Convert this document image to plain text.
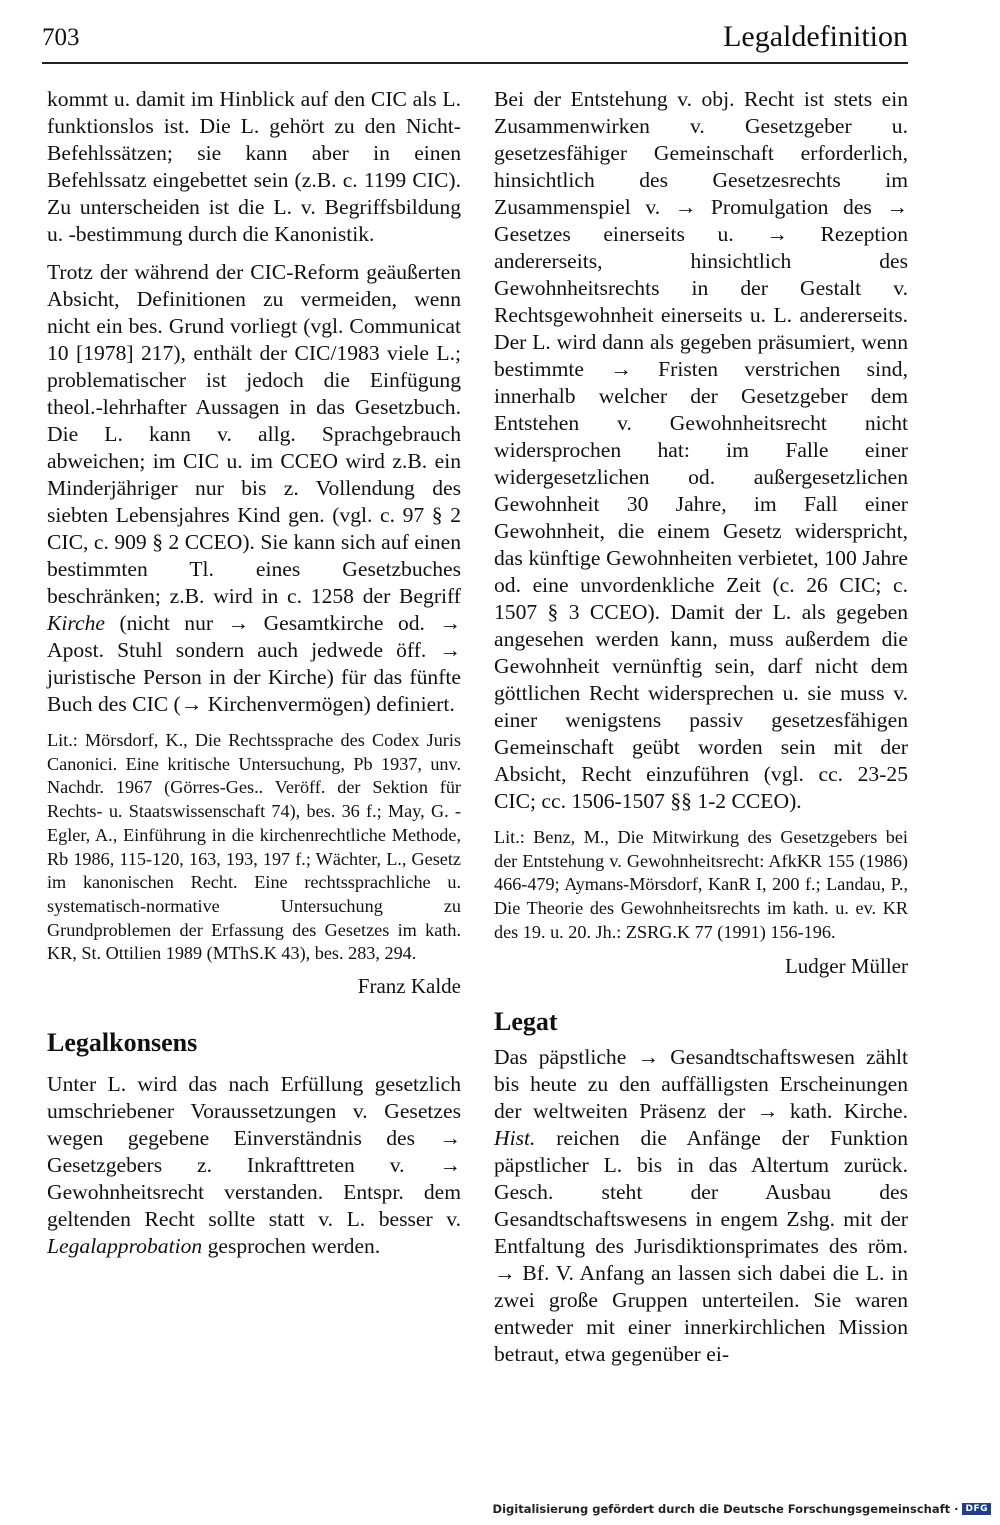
703	Legaldefinition

kommt u. damit im Hinblick auf den CIC als L. funktionslos ist. Die L. gehört zu den Nicht-Befehlssätzen; sie kann aber in einen Befehlssatz eingebettet sein (z.B. c. 1199 CIC). Zu unterscheiden ist die L. v. Begriffsbildung u. -bestimmung durch die Kanonistik.

Trotz der während der CIC-Reform geäußerten Absicht, Definitionen zu vermeiden, wenn nicht ein bes. Grund vorliegt (vgl. Communicat 10 [1978] 217), enthält der CIC/1983 viele L.; problematischer ist jedoch die Einfügung theol.-lehrhafter Aussagen in das Gesetzbuch. Die L. kann v. allg. Sprachgebrauch abweichen; im CIC u. im CCEO wird z.B. ein Minderjähriger nur bis z. Vollendung des siebten Lebensjahres Kind gen. (vgl. c. 97 § 2 CIC, c. 909 § 2 CCEO). Sie kann sich auf einen bestimmten Tl. eines Gesetzbuches beschränken; z.B. wird in c. 1258 der Begriff Kirche (nicht nur → Gesamtkirche od. → Apost. Stuhl sondern auch jedwede öff. → juristische Person in der Kirche) für das fünfte Buch des CIC (→ Kirchenvermögen) definiert.

Lit.: Mörsdorf, K., Die Rechtssprache des Codex Juris Canonici. Eine kritische Untersuchung, Pb 1937, unv. Nachdr. 1967 (Görres-Ges.. Veröff. der Sektion für Rechts- u. Staatswissenschaft 74), bes. 36 f.; May, G. - Egler, A., Einführung in die kirchenrechtliche Methode, Rb 1986, 115-120, 163, 193, 197 f.; Wächter, L., Gesetz im kanonischen Recht. Eine rechtssprachliche u. systematisch-normative Untersuchung zu Grundproblemen der Erfassung des Gesetzes im kath. KR, St. Ottilien 1989 (MThS.K 43), bes. 283, 294.

Franz Kalde

Legalkonsens

Unter L. wird das nach Erfüllung gesetzlich umschriebener Voraussetzungen v. Gesetzes wegen gegebene Einverständnis des → Gesetzgebers z. Inkrafttreten v. → Gewohnheitsrecht verstanden. Entspr. dem geltenden Recht sollte statt v. L. besser v. Legalapprobation gesprochen werden.

Bei der Entstehung v. obj. Recht ist stets ein Zusammenwirken v. Gesetzgeber u. gesetzesfähiger Gemeinschaft erforderlich, hinsichtlich des Gesetzesrechts im Zusammenspiel v. → Promulgation des → Gesetzes einerseits u. → Rezeption andererseits, hinsichtlich des Gewohnheitsrechts in der Gestalt v. Rechtsgewohnheit einerseits u. L. andererseits. Der L. wird dann als gegeben präsumiert, wenn bestimmte → Fristen verstrichen sind, innerhalb welcher der Gesetzgeber dem Entstehen v. Gewohnheitsrecht nicht widersprochen hat: im Falle einer widergesetzlichen od. außergesetzlichen Gewohnheit 30 Jahre, im Fall einer Gewohnheit, die einem Gesetz widerspricht, das künftige Gewohnheiten verbietet, 100 Jahre od. eine unvordenkliche Zeit (c. 26 CIC; c. 1507 § 3 CCEO). Damit der L. als gegeben angesehen werden kann, muss außerdem die Gewohnheit vernünftig sein, darf nicht dem göttlichen Recht widersprechen u. sie muss v. einer wenigstens passiv gesetzesfähigen Gemeinschaft geübt worden sein mit der Absicht, Recht einzuführen (vgl. cc. 23-25 CIC; cc. 1506-1507 §§ 1-2 CCEO).

Lit.: Benz, M., Die Mitwirkung des Gesetzgebers bei der Entstehung v. Gewohnheitsrecht: AfkKR 155 (1986) 466-479; Aymans-Mörsdorf, KanR I, 200 f.; Landau, P., Die Theorie des Gewohnheitsrechts im kath. u. ev. KR des 19. u. 20. Jh.: ZSRG.K 77 (1991) 156-196.

Ludger Müller

Legat

Das päpstliche → Gesandtschaftswesen zählt bis heute zu den auffälligsten Erscheinungen der weltweiten Präsenz der → kath. Kirche. Hist. reichen die Anfänge der Funktion päpstlicher L. bis in das Altertum zurück. Gesch. steht der Ausbau des Gesandtschaftswesens in engem Zshg. mit der Entfaltung des Jurisdiktionsprimates des röm. → Bf. V. Anfang an lassen sich dabei die L. in zwei große Gruppen unterteilen. Sie waren entweder mit einer innerkirchlichen Mission betraut, etwa gegenüber ei-

Digitalisierung gefördert durch die Deutsche Forschungsgemeinschaft · DFG
